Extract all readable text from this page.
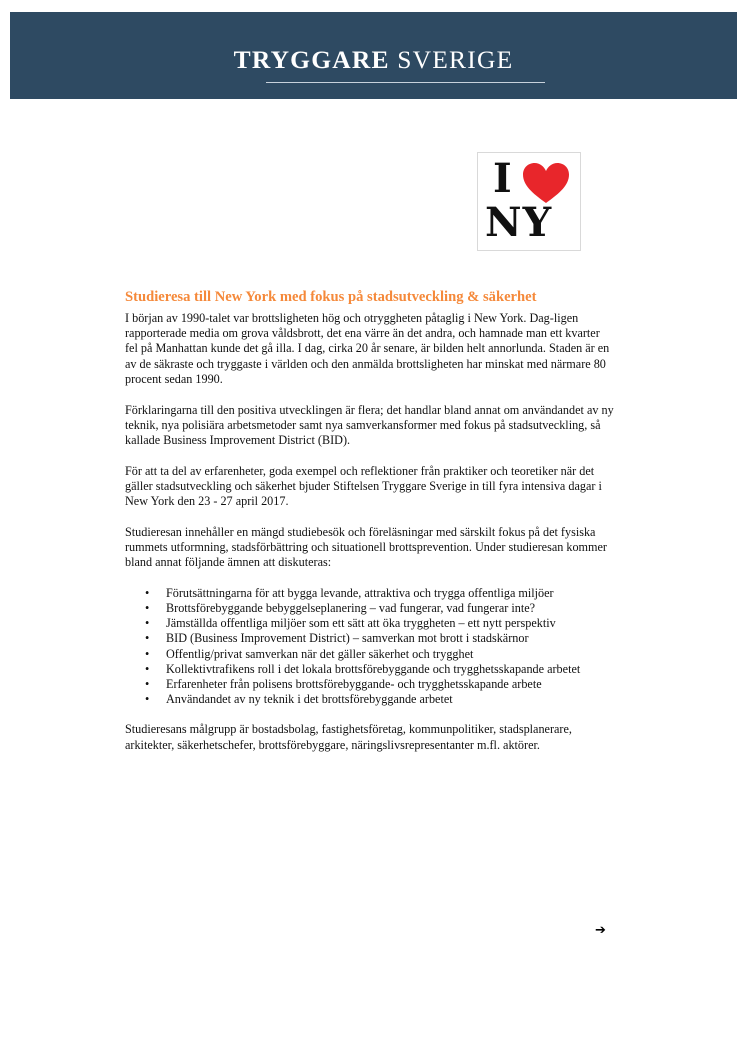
TRYGGARE SVERIGE
I
NY
Studieresa till New York med fokus på stadsutveckling & säkerhet

I början av 1990-talet var brottsligheten hög och otryggheten påtaglig i New York. Dag-ligen rapporterade media om grova våldsbrott, det ena värre än det andra, och hamnade man ett kvarter fel på Manhattan kunde det gå illa. I dag, cirka 20 år senare, är bilden helt annorlunda. Staden är en av de säkraste och tryggaste i världen och den anmälda brottsligheten har minskat med närmare 80 procent sedan 1990.

Förklaringarna till den positiva utvecklingen är flera; det handlar bland annat om användandet av ny teknik, nya polisiära arbetsmetoder samt nya samverkansformer med fokus på stadsutveckling, så kallade Business Improvement District (BID).

För att ta del av erfarenheter, goda exempel och reflektioner från praktiker och teoretiker när det gäller stadsutveckling och säkerhet bjuder Stiftelsen Tryggare Sverige in till fyra intensiva dagar i New York den 23 - 27 april 2017.

Studieresan innehåller en mängd studiebesök och föreläsningar med särskilt fokus på det fysiska rummets utformning, stadsförbättring och situationell brottsprevention. Under studieresan kommer bland annat följande ämnen att diskuteras:

• Förutsättningarna för att bygga levande, attraktiva och trygga offentliga miljöer
• Brottsförebyggande bebyggelseplanering – vad fungerar, vad fungerar inte?
• Jämställda offentliga miljöer som ett sätt att öka tryggheten – ett nytt perspektiv
• BID (Business Improvement District) – samverkan mot brott i stadskärnor
• Offentlig/privat samverkan när det gäller säkerhet och trygghet
• Kollektivtrafikens roll i det lokala brottsförebyggande och trygghetsskapande arbetet
• Erfarenheter från polisens brottsförebyggande- och trygghetsskapande arbete
• Användandet av ny teknik i det brottsförebyggande arbetet

Studieresans målgrupp är bostadsbolag, fastighetsföretag, kommunpolitiker, stadsplanerare, arkitekter, säkerhetschefer, brottsförebyggare, näringslivsrepresentanter m.fl. aktörer.

➔
